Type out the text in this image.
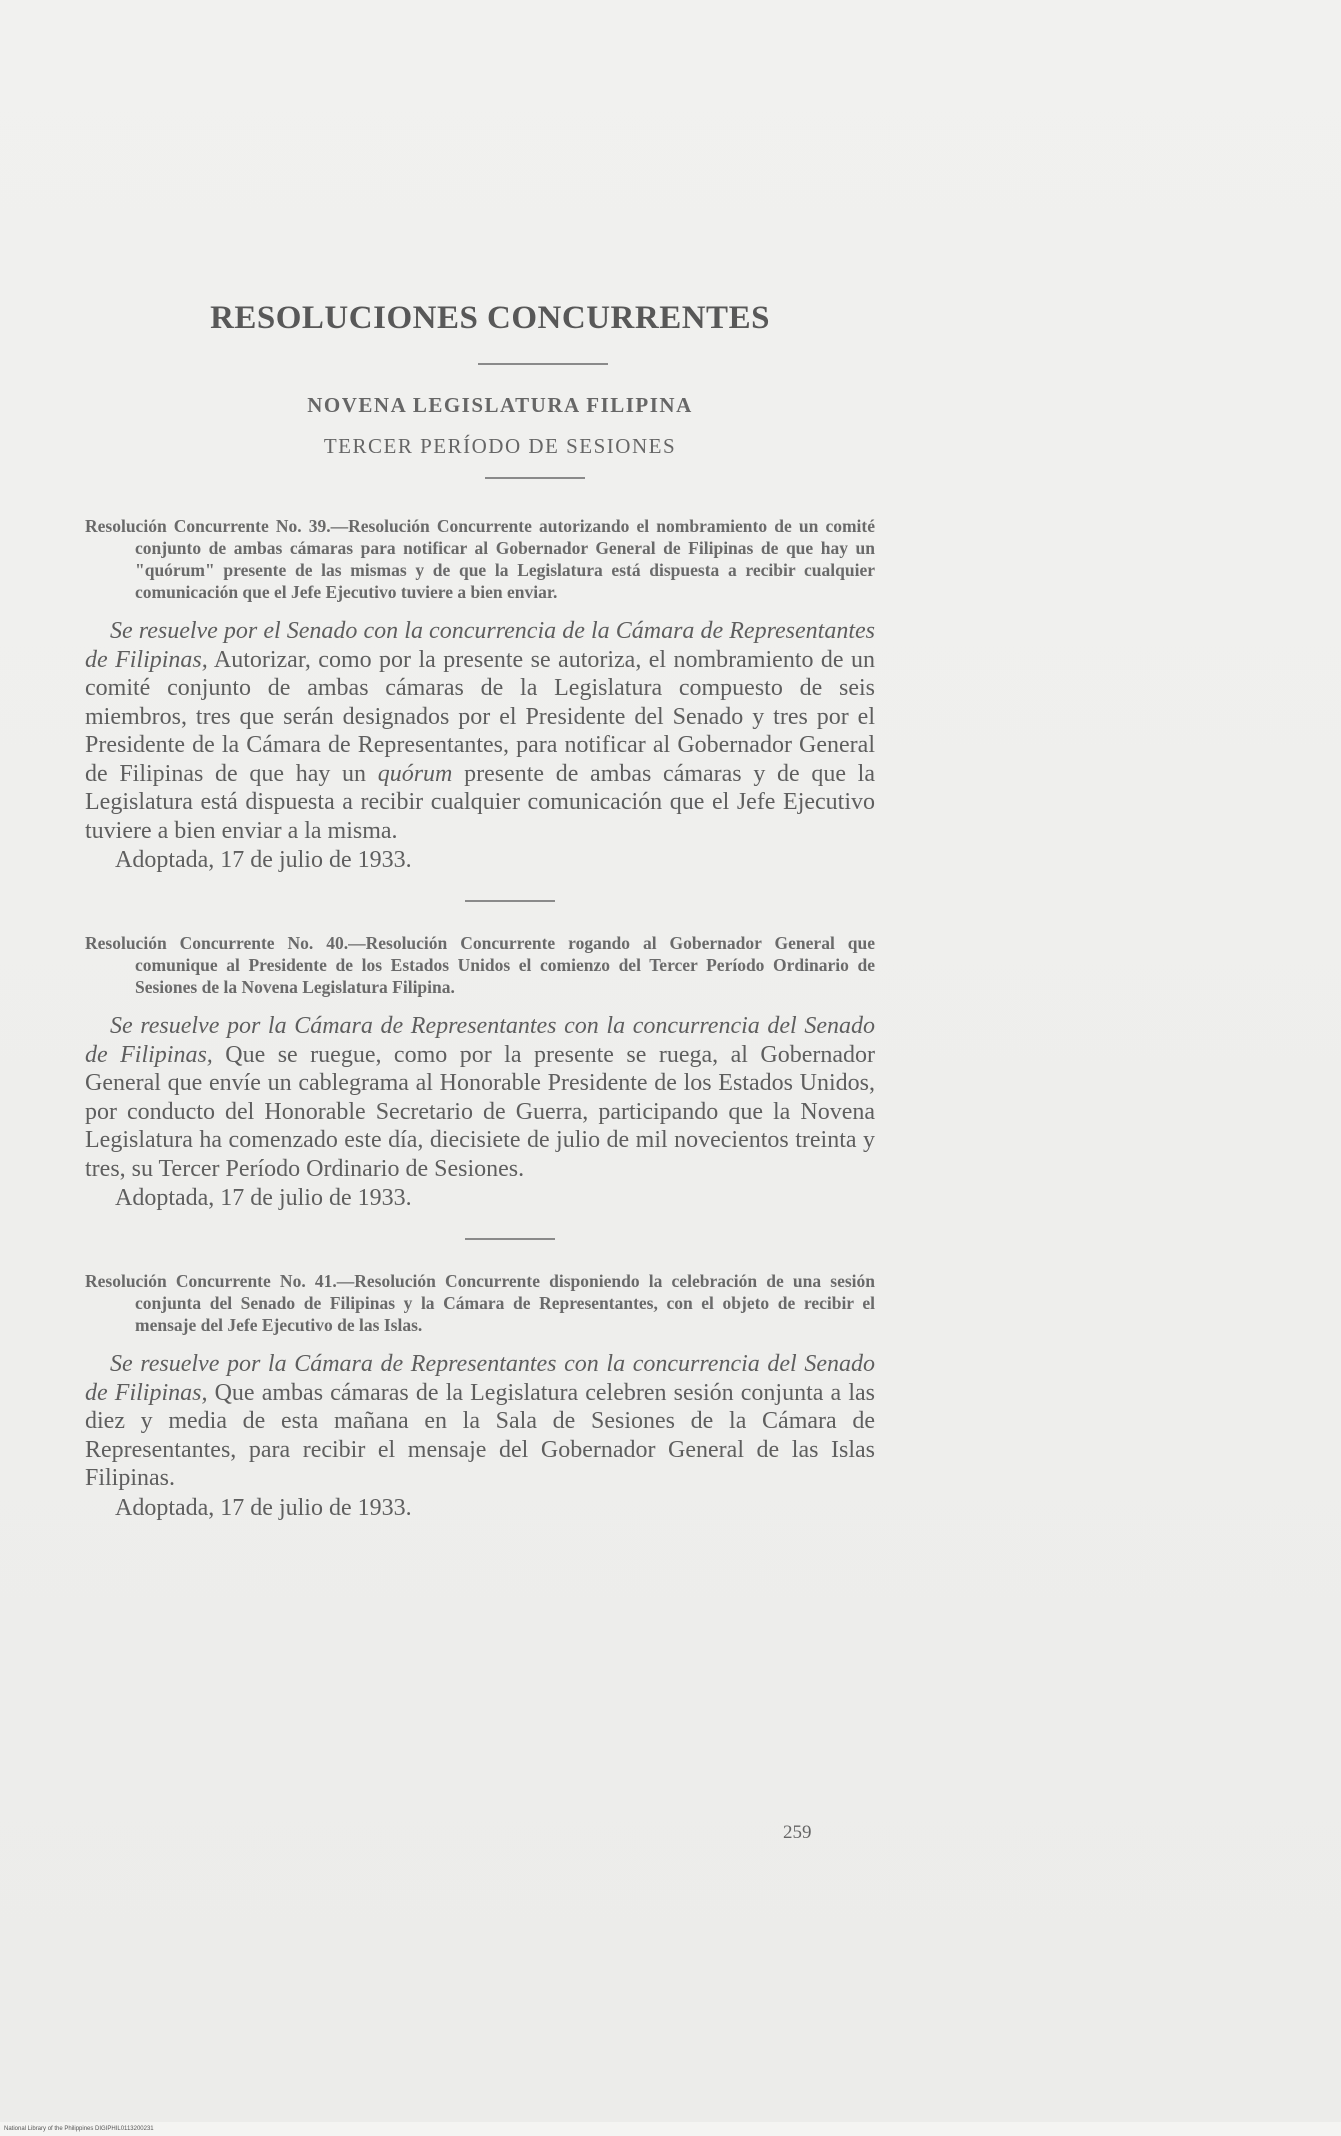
RESOLUCIONES CONCURRENTES
NOVENA LEGISLATURA FILIPINA
TERCER PERÍODO DE SESIONES

Resolución Concurrente No. 39.—Resolución Concurrente autorizando el nombramiento de un comité conjunto de ambas cámaras para notificar al Gobernador General de Filipinas de que hay un "quórum" presente de las mismas y de que la Legislatura está dispuesta a recibir cualquier comunicación que el Jefe Ejecutivo tuviere a bien enviar.

Se resuelve por el Senado con la concurrencia de la Cámara de Representantes de Filipinas, Autorizar, como por la presente se autoriza, el nombramiento de un comité conjunto de ambas cámaras de la Legislatura compuesto de seis miembros, tres que serán designados por el Presidente del Senado y tres por el Presidente de la Cámara de Representantes, para notificar al Gobernador General de Filipinas de que hay un quórum presente de ambas cámaras y de que la Legislatura está dispuesta a recibir cualquier comunicación que el Jefe Ejecutivo tuviere a bien enviar a la misma.

Adoptada, 17 de julio de 1933.

Resolución Concurrente No. 40.—Resolución Concurrente rogando al Gobernador General que comunique al Presidente de los Estados Unidos el comienzo del Tercer Período Ordinario de Sesiones de la Novena Legislatura Filipina.

Se resuelve por la Cámara de Representantes con la concurrencia del Senado de Filipinas, Que se ruegue, como por la presente se ruega, al Gobernador General que envíe un cablegrama al Honorable Presidente de los Estados Unidos, por conducto del Honorable Secretario de Guerra, participando que la Novena Legislatura ha comenzado este día, diecisiete de julio de mil novecientos treinta y tres, su Tercer Período Ordinario de Sesiones.

Adoptada, 17 de julio de 1933.

Resolución Concurrente No. 41.—Resolución Concurrente disponiendo la celebración de una sesión conjunta del Senado de Filipinas y la Cámara de Representantes, con el objeto de recibir el mensaje del Jefe Ejecutivo de las Islas.

Se resuelve por la Cámara de Representantes con la concurrencia del Senado de Filipinas, Que ambas cámaras de la Legislatura celebren sesión conjunta a las diez y media de esta mañana en la Sala de Sesiones de la Cámara de Representantes, para recibir el mensaje del Gobernador General de las Islas Filipinas.

Adoptada, 17 de julio de 1933.
259
National Library of the Philippines DIGIPHIL0113200231
